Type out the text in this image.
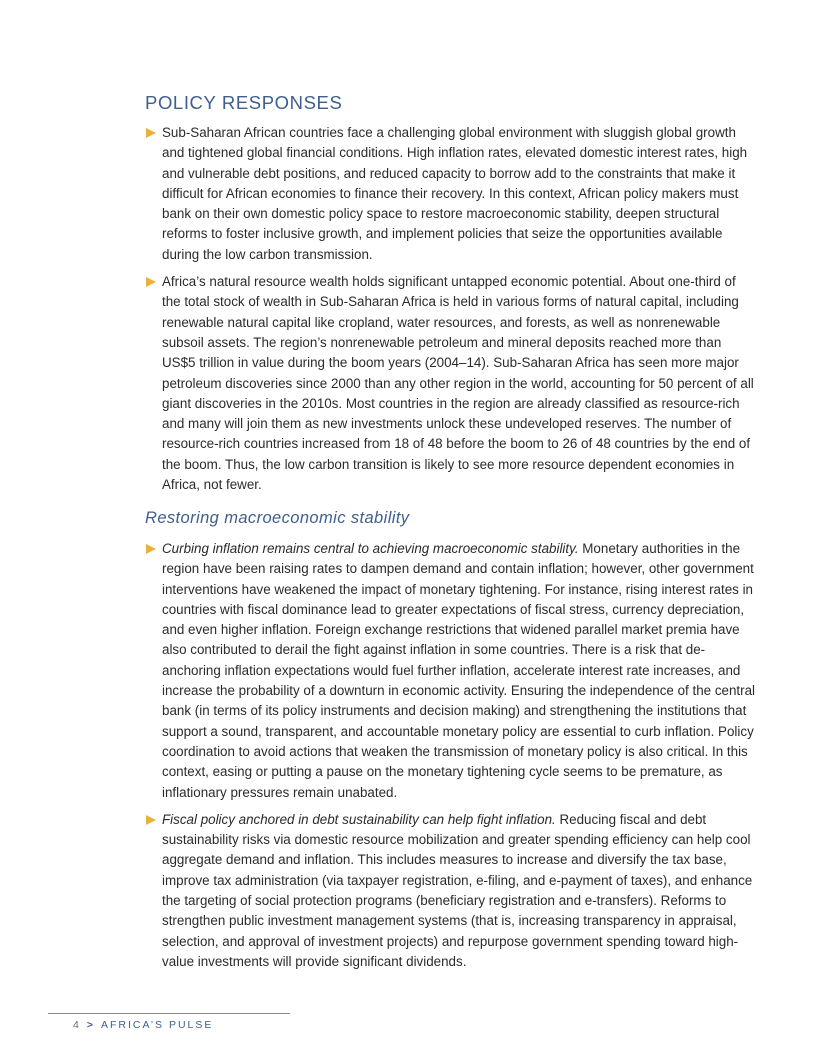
POLICY RESPONSES
Sub-Saharan African countries face a challenging global environment with sluggish global growth and tightened global financial conditions. High inflation rates, elevated domestic interest rates, high and vulnerable debt positions, and reduced capacity to borrow add to the constraints that make it difficult for African economies to finance their recovery. In this context, African policy makers must bank on their own domestic policy space to restore macroeconomic stability, deepen structural reforms to foster inclusive growth, and implement policies that seize the opportunities available during the low carbon transmission.
Africa’s natural resource wealth holds significant untapped economic potential. About one-third of the total stock of wealth in Sub-Saharan Africa is held in various forms of natural capital, including renewable natural capital like cropland, water resources, and forests, as well as nonrenewable subsoil assets. The region’s nonrenewable petroleum and mineral deposits reached more than US$5 trillion in value during the boom years (2004–14). Sub-Saharan Africa has seen more major petroleum discoveries since 2000 than any other region in the world, accounting for 50 percent of all giant discoveries in the 2010s. Most countries in the region are already classified as resource-rich and many will join them as new investments unlock these undeveloped reserves. The number of resource-rich countries increased from 18 of 48 before the boom to 26 of 48 countries by the end of the boom. Thus, the low carbon transition is likely to see more resource dependent economies in Africa, not fewer.
Restoring macroeconomic stability
Curbing inflation remains central to achieving macroeconomic stability. Monetary authorities in the region have been raising rates to dampen demand and contain inflation; however, other government interventions have weakened the impact of monetary tightening. For instance, rising interest rates in countries with fiscal dominance lead to greater expectations of fiscal stress, currency depreciation, and even higher inflation. Foreign exchange restrictions that widened parallel market premia have also contributed to derail the fight against inflation in some countries. There is a risk that de-anchoring inflation expectations would fuel further inflation, accelerate interest rate increases, and increase the probability of a downturn in economic activity. Ensuring the independence of the central bank (in terms of its policy instruments and decision making) and strengthening the institutions that support a sound, transparent, and accountable monetary policy are essential to curb inflation. Policy coordination to avoid actions that weaken the transmission of monetary policy is also critical. In this context, easing or putting a pause on the monetary tightening cycle seems to be premature, as inflationary pressures remain unabated.
Fiscal policy anchored in debt sustainability can help fight inflation. Reducing fiscal and debt sustainability risks via domestic resource mobilization and greater spending efficiency can help cool aggregate demand and inflation. This includes measures to increase and diversify the tax base, improve tax administration (via taxpayer registration, e-filing, and e-payment of taxes), and enhance the targeting of social protection programs (beneficiary registration and e-transfers). Reforms to strengthen public investment management systems (that is, increasing transparency in appraisal, selection, and approval of investment projects) and repurpose government spending toward high-value investments will provide significant dividends.
4 > AFRICA’S PULSE
